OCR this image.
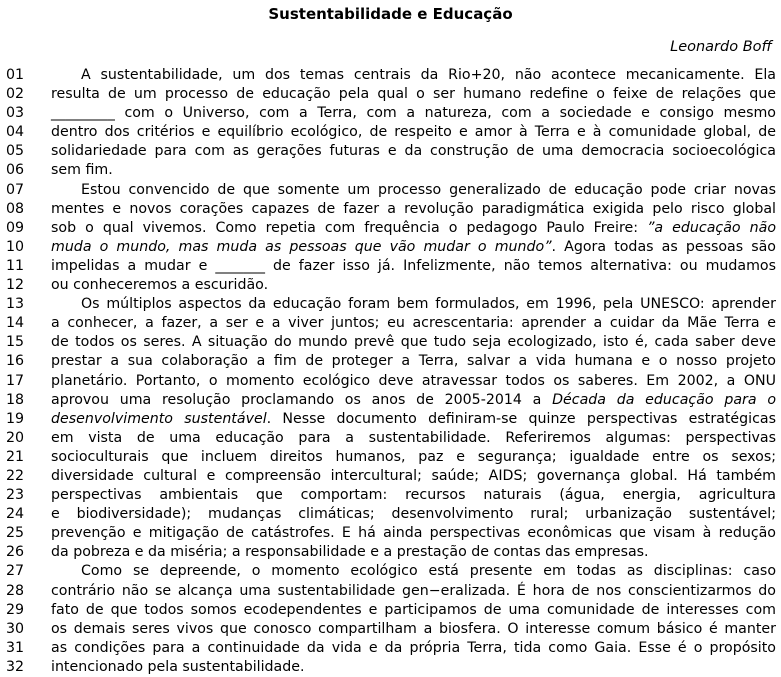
Sustentabilidade e Educação
Leonardo Boff
01	A sustentabilidade, um dos temas centrais da Rio+20, não acontece mecanicamente. Ela
02	resulta de um processo de educação pela qual o ser humano redefine o feixe de relações que
03	_________ com o Universo, com a Terra, com a natureza, com a sociedade e consigo mesmo
04	dentro dos critérios e equilíbrio ecológico, de respeito e amor à Terra e à comunidade global, de
05	solidariedade para com as gerações futuras e da construção de uma democracia socioecológica
06	sem fim.
07	Estou convencido de que somente um processo generalizado de educação pode criar novas
08	mentes e novos corações capazes de fazer a revolução paradigmática exigida pelo risco global
09	sob o qual vivemos. Como repetia com frequência o pedagogo Paulo Freire: ”a educação não
10	muda o mundo, mas muda as pessoas que vão mudar o mundo”. Agora todas as pessoas são
11	impelidas a mudar e _______ de fazer isso já. Infelizmente, não temos alternativa: ou mudamos
12	ou conheceremos a escuridão.
13	Os múltiplos aspectos da educação foram bem formulados, em 1996, pela UNESCO: aprender
14	a conhecer, a fazer, a ser e a viver juntos; eu acrescentaria: aprender a cuidar da Mãe Terra e
15	de todos os seres. A situação do mundo prevê que tudo seja ecologizado, isto é, cada saber deve
16	prestar a sua colaboração a fim de proteger a Terra, salvar a vida humana e o nosso projeto
17	planetário. Portanto, o momento ecológico deve atravessar todos os saberes. Em 2002, a ONU
18	aprovou uma resolução proclamando os anos de 2005-2014 a Década da educação para o
19	desenvolvimento sustentável. Nesse documento definiram-se quinze perspectivas estratégicas
20	em vista de uma educação para a sustentabilidade. Referiremos algumas: perspectivas
21	socioculturais que incluem direitos humanos, paz e segurança; igualdade entre os sexos;
22	diversidade cultural e compreensão intercultural; saúde; AIDS; governança global. Há também
23	perspectivas ambientais que comportam: recursos naturais (água, energia, agricultura
24	e biodiversidade); mudanças climáticas; desenvolvimento rural; urbanização sustentável;
25	prevenção e mitigação de catástrofes. E há ainda perspectivas econômicas que visam à redução
26	da pobreza e da miséria; a responsabilidade e a prestação de contas das empresas.
27	Como se depreende, o momento ecológico está presente em todas as disciplinas: caso
28	contrário não se alcança uma sustentabilidade gen−eralizada. É hora de nos conscientizarmos do
29	fato de que todos somos ecodependentes e participamos de uma comunidade de interesses com
30	os demais seres vivos que conosco compartilham a biosfera. O interesse comum básico é manter
31	as condições para a continuidade da vida e da própria Terra, tida como Gaia. Esse é o propósito
32	intencionado pela sustentabilidade.
